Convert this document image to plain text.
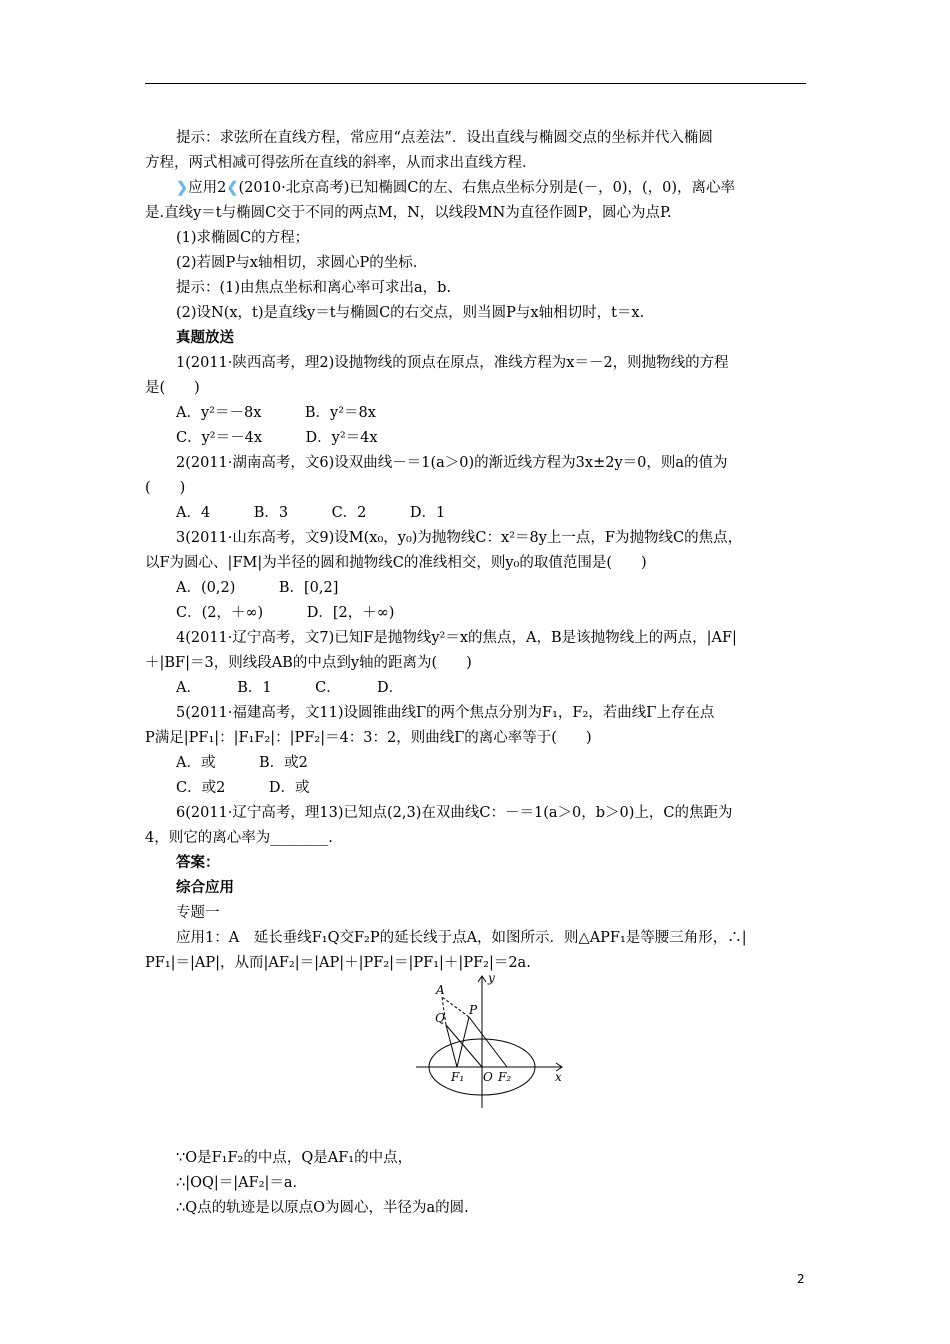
提示：求弦所在直线方程，常应用“点差法”．设出直线与椭圆交点的坐标并代入椭圆
方程，两式相减可得弦所在直线的斜率，从而求出直线方程．
❯应用2❮(2010·北京高考)已知椭圆C的左、右焦点坐标分别是(－，0)，(，0)，离心率
是.直线y＝t与椭圆C交于不同的两点M，N，以线段MN为直径作圆P，圆心为点P.
(1)求椭圆C的方程；
(2)若圆P与x轴相切，求圆心P的坐标.
提示：(1)由焦点坐标和离心率可求出a，b.
(2)设N(x，t)是直线y＝t与椭圆C的右交点，则当圆P与x轴相切时，t＝x.
真题放送
1(2011·陕西高考，理2)设抛物线的顶点在原点，准线方程为x＝－2，则抛物线的方程
是(　　)
A．y²＝－8x　　　B．y²＝8x
C．y²＝－4x　　　D．y²＝4x
2(2011·湖南高考，文6)设双曲线－＝1(a＞0)的渐近线方程为3x±2y＝0，则a的值为
(　　)
A．4　　　B．3　　　C．2　　　D．1
3(2011·山东高考，文9)设M(x₀，y₀)为抛物线C：x²＝8y上一点，F为抛物线C的焦点，
以F为圆心、|FM|为半径的圆和抛物线C的准线相交，则y₀的取值范围是(　　)
A．(0,2)　　　B．[0,2]
C．(2，＋∞)　　　D．[2，＋∞)
4(2011·辽宁高考，文7)已知F是抛物线y²＝x的焦点，A，B是该抛物线上的两点，|AF|
＋|BF|＝3，则线段AB的中点到y轴的距离为(　　)
A．　　　B．1　　　C．　　　D．
5(2011·福建高考，文11)设圆锥曲线Γ的两个焦点分别为F₁，F₂，若曲线Γ上存在点
P满足|PF₁|：|F₁F₂|：|PF₂|＝4：3：2，则曲线Γ的离心率等于(　　)
A．或　　　B．或2
C．或2　　　D．或
6(2011·辽宁高考，理13)已知点(2,3)在双曲线C：－＝1(a＞0，b＞0)上，C的焦距为
4，则它的离心率为________.
答案：
综合应用
专题一
应用1：A　延长垂线F₁Q交F₂P的延长线于点A，如图所示．则△APF₁是等腰三角形，∴|
PF₁|＝|AP|，从而|AF₂|＝|AP|＋|PF₂|＝|PF₁|＋|PF₂|＝2a.
y
A
P
Q
F₁ O F₂	x
∵O是F₁F₂的中点，Q是AF₁的中点，
∴|OQ|＝|AF₂|＝a.
∴Q点的轨迹是以原点O为圆心，半径为a的圆.
2
